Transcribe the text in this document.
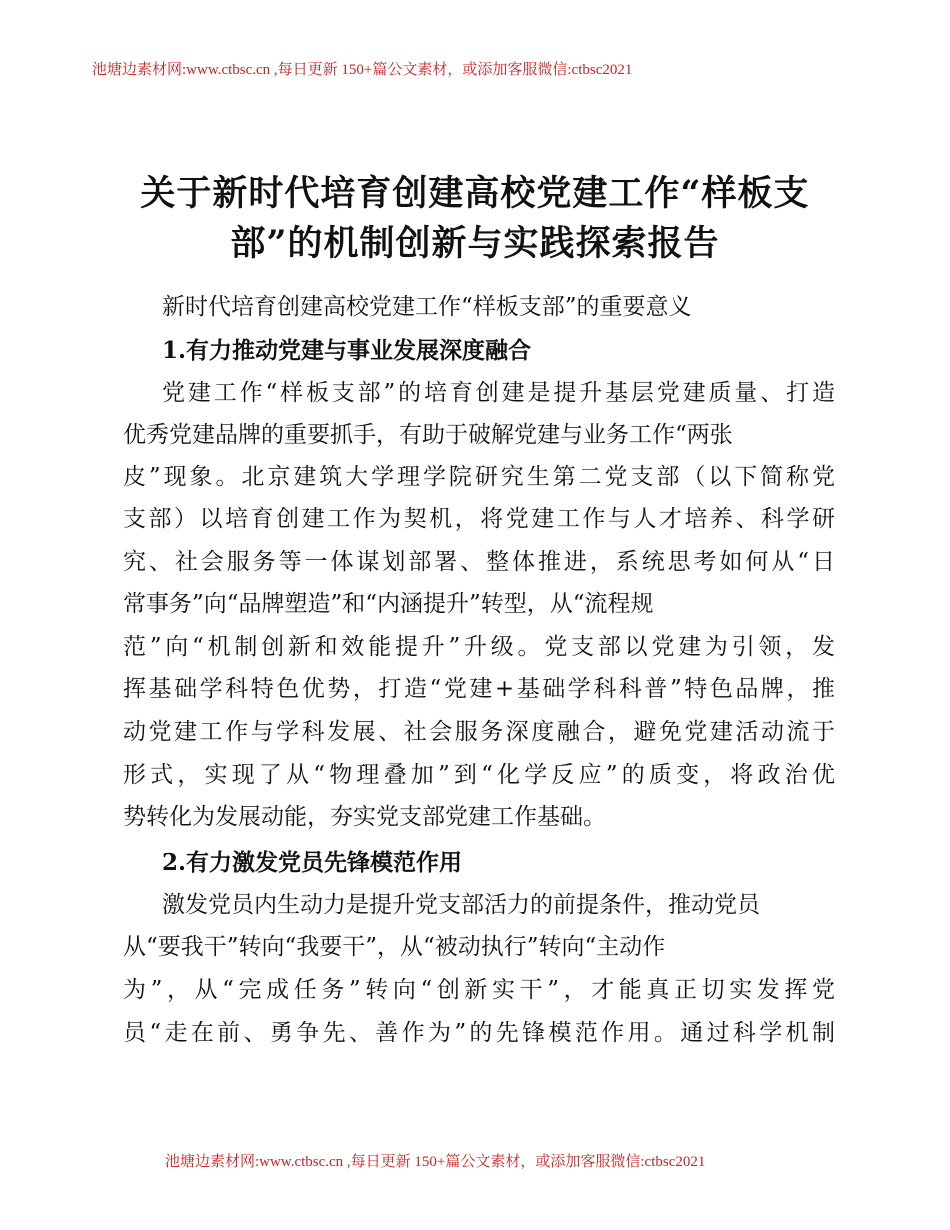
池塘边素材网:www.ctbsc.cn ,每日更新 150+篇公文素材，或添加客服微信:ctbsc2021
关于新时代培育创建高校党建工作“样板支
部”的机制创新与实践探索报告
新时代培育创建高校党建工作“样板支部”的重要意义
1.有力推动党建与事业发展深度融合
党建工作“样板支部”的培育创建是提升基层党建质量、打造
优秀党建品牌的重要抓手，有助于破解党建与业务工作“两张
皮”现象。北京建筑大学理学院研究生第二党支部（以下简称党
支部）以培育创建工作为契机，将党建工作与人才培养、科学研
究、社会服务等一体谋划部署、整体推进，系统思考如何从“日
常事务”向“品牌塑造”和“内涵提升”转型，从“流程规
范”向“机制创新和效能提升”升级。党支部以党建为引领，发
挥基础学科特色优势，打造“党建+基础学科科普”特色品牌，推
动党建工作与学科发展、社会服务深度融合，避免党建活动流于
形式，实现了从“物理叠加”到“化学反应”的质变，将政治优
势转化为发展动能，夯实党支部党建工作基础。
2.有力激发党员先锋模范作用
激发党员内生动力是提升党支部活力的前提条件，推动党员
从“要我干”转向“我要干”，从“被动执行”转向“主动作
为”，从“完成任务”转向“创新实干”，才能真正切实发挥党
员“走在前、勇争先、善作为”的先锋模范作用。通过科学机制
池塘边素材网:www.ctbsc.cn ,每日更新 150+篇公文素材，或添加客服微信:ctbsc2021
